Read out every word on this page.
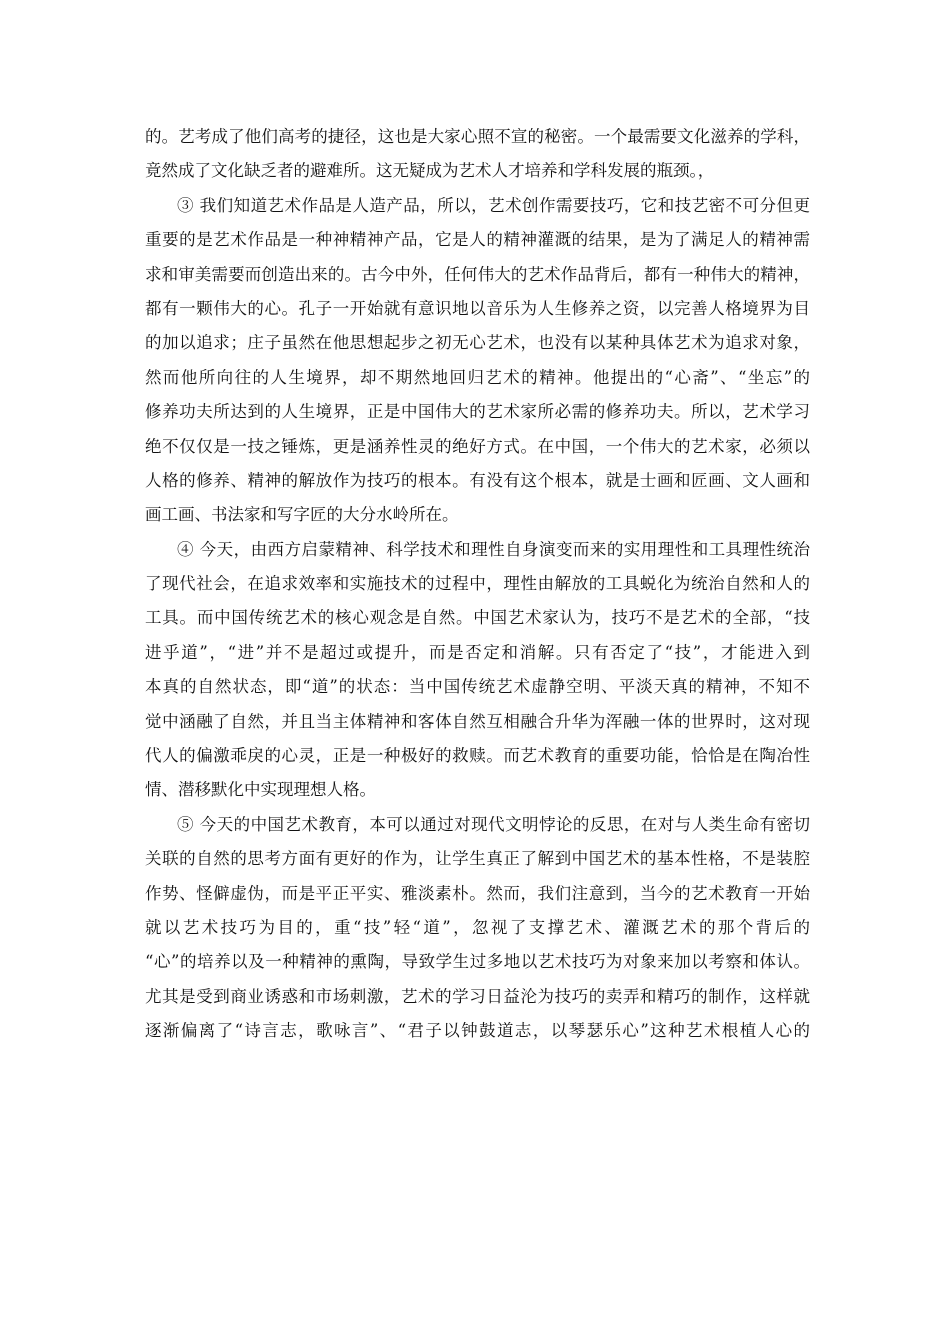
的。艺考成了他们高考的捷径，这也是大家心照不宣的秘密。一个最需要文化滋养的学科，
竟然成了文化缺乏者的避难所。这无疑成为艺术人才培养和学科发展的瓶颈。，
③ 我们知道艺术作品是人造产品，所以，艺术创作需要技巧，它和技艺密不可分但更
重要的是艺术作品是一种神精神产品，它是人的精神灌溉的结果，是为了满足人的精神需
求和审美需要而创造出来的。古今中外，任何伟大的艺术作品背后，都有一种伟大的精神，
都有一颗伟大的心。孔子一开始就有意识地以音乐为人生修养之资，以完善人格境界为目
的加以追求；庄子虽然在他思想起步之初无心艺术，也没有以某种具体艺术为追求对象，
然而他所向往的人生境界，却不期然地回归艺术的精神。他提出的“心斋”、“坐忘”的
修养功夫所达到的人生境界，正是中国伟大的艺术家所必需的修养功夫。所以，艺术学习
绝不仅仅是一技之锤炼，更是涵养性灵的绝好方式。在中国，一个伟大的艺术家，必须以
人格的修养、精神的解放作为技巧的根本。有没有这个根本，就是士画和匠画、文人画和
画工画、书法家和写字匠的大分水岭所在。
④ 今天，由西方启蒙精神、科学技术和理性自身演变而来的实用理性和工具理性统治
了现代社会，在追求效率和实施技术的过程中，理性由解放的工具蜕化为统治自然和人的
工具。而中国传统艺术的核心观念是自然。中国艺术家认为，技巧不是艺术的全部，“技
进乎道”，“进”并不是超过或提升，而是否定和消解。只有否定了“技”，才能进入到
本真的自然状态，即“道”的状态：当中国传统艺术虚静空明、平淡天真的精神，不知不
觉中涵融了自然，并且当主体精神和客体自然互相融合升华为浑融一体的世界时，这对现
代人的偏激乖戾的心灵，正是一种极好的救赎。而艺术教育的重要功能，恰恰是在陶冶性
情、潜移默化中实现理想人格。
⑤ 今天的中国艺术教育，本可以通过对现代文明悖论的反思，在对与人类生命有密切
关联的自然的思考方面有更好的作为，让学生真正了解到中国艺术的基本性格，不是装腔
作势、怪僻虚伪，而是平正平实、雅淡素朴。然而，我们注意到，当今的艺术教育一开始
就以艺术技巧为目的，重“技”轻“道”，忽视了支撑艺术、灌溉艺术的那个背后的
“心”的培养以及一种精神的熏陶，导致学生过多地以艺术技巧为对象来加以考察和体认。
尤其是受到商业诱惑和市场刺激，艺术的学习日益沦为技巧的卖弄和精巧的制作，这样就
逐渐偏离了“诗言志，歌咏言”、“君子以钟鼓道志，以琴瑟乐心”这种艺术根植人心的
